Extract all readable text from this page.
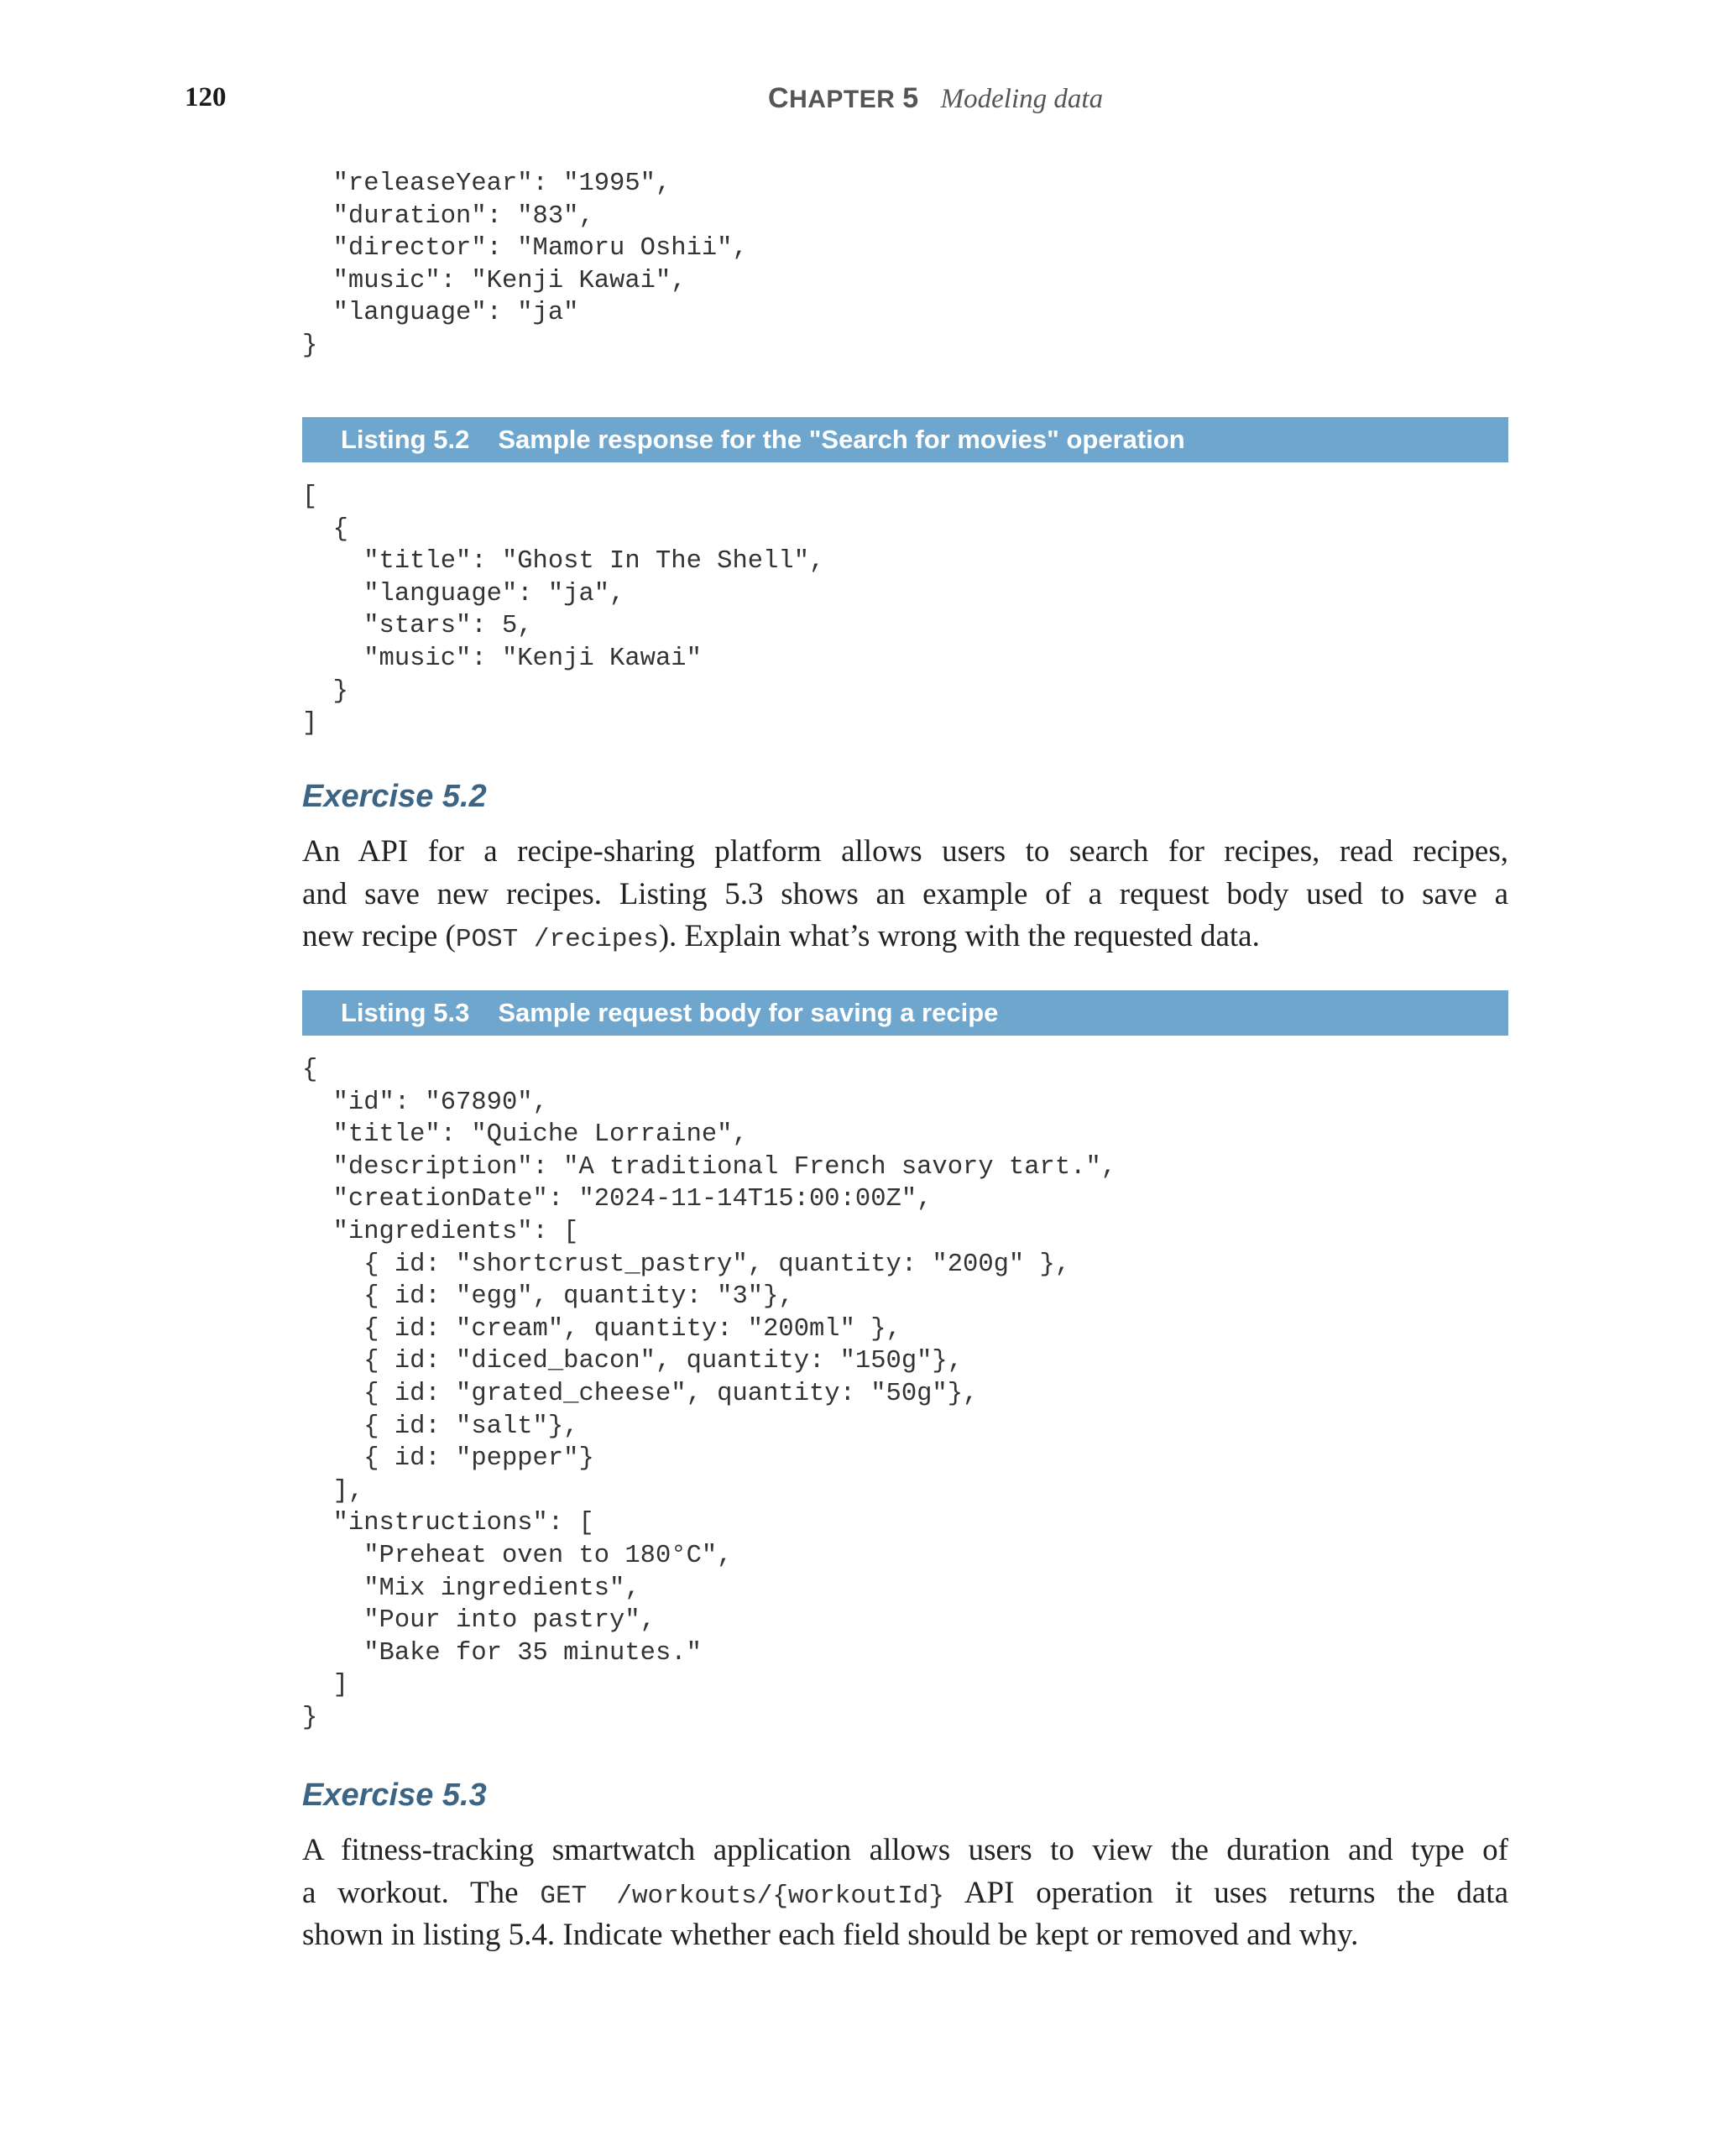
120	CHAPTER 5 Modeling data
"releaseYear": "1995",
"duration": "83",
"director": "Mamoru Oshii",
"music": "Kenji Kawai",
"language": "ja"
}
Listing 5.2 Sample response for the "Search for movies" operation
[
{
"title": "Ghost In The Shell",
"language": "ja",
"stars": 5,
"music": "Kenji Kawai"
}
]
Exercise 5.2
An API for a recipe-sharing platform allows users to search for recipes, read recipes,
and save new recipes. Listing 5.3 shows an example of a request body used to save a
new recipe (POST /recipes). Explain what’s wrong with the requested data.
Listing 5.3 Sample request body for saving a recipe
{
"id": "67890",
"title": "Quiche Lorraine",
"description": "A traditional French savory tart.",
"creationDate": "2024-11-14T15:00:00Z",
"ingredients": [
{ id: "shortcrust_pastry", quantity: "200g" },
{ id: "egg", quantity: "3"},
{ id: "cream", quantity: "200ml" },
{ id: "diced_bacon", quantity: "150g"},
{ id: "grated_cheese", quantity: "50g"},
{ id: "salt"},
{ id: "pepper"}
],
"instructions": [
"Preheat oven to 180°C",
"Mix ingredients",
"Pour into pastry",
"Bake for 35 minutes."
]
}
Exercise 5.3
A fitness-tracking smartwatch application allows users to view the duration and type of
a workout. The GET /workouts/{workoutId} API operation it uses returns the data
shown in listing 5.4. Indicate whether each field should be kept or removed and why.
